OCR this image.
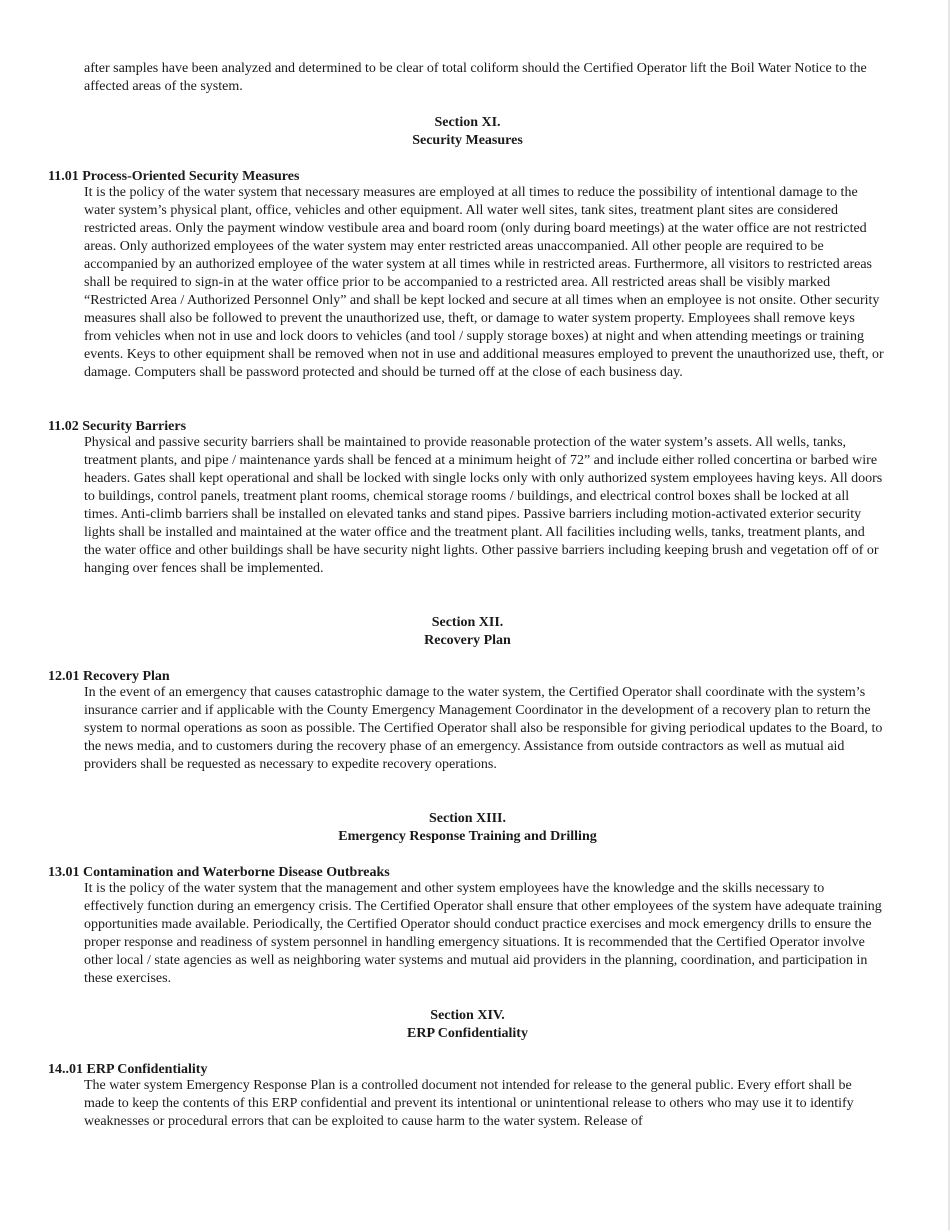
after samples have been analyzed and determined to be clear of total coliform should the Certified Operator lift the Boil Water Notice to the affected areas of the system.

Section XI.
Security Measures
11.01 Process-Oriented Security Measures

It is the policy of the water system that necessary measures are employed at all times to reduce the possibility of intentional damage to the water system’s physical plant, office, vehicles and other equipment. All water well sites, tank sites, treatment plant sites are considered restricted areas. Only the payment window vestibule area and board room (only during board meetings) at the water office are not restricted areas. Only authorized employees of the water system may enter restricted areas unaccompanied. All other people are required to be accompanied by an authorized employee of the water system at all times while in restricted areas. Furthermore, all visitors to restricted areas shall be required to sign-in at the water office prior to be accompanied to a restricted area. All restricted areas shall be visibly marked “Restricted Area / Authorized Personnel Only” and shall be kept locked and secure at all times when an employee is not onsite. Other security measures shall also be followed to prevent the unauthorized use, theft, or damage to water system property. Employees shall remove keys from vehicles when not in use and lock doors to vehicles (and tool / supply storage boxes) at night and when attending meetings or training events. Keys to other equipment shall be removed when not in use and additional measures employed to prevent the unauthorized use, theft, or damage. Computers shall be password protected and should be turned off at the close of each business day.

11.02 Security Barriers

Physical and passive security barriers shall be maintained to provide reasonable protection of the water system’s assets. All wells, tanks, treatment plants, and pipe / maintenance yards shall be fenced at a minimum height of 72” and include either rolled concertina or barbed wire headers. Gates shall kept operational and shall be locked with single locks only with only authorized system employees having keys. All doors to buildings, control panels, treatment plant rooms, chemical storage rooms / buildings, and electrical control boxes shall be locked at all times. Anti-climb barriers shall be installed on elevated tanks and stand pipes. Passive barriers including motion-activated exterior security lights shall be installed and maintained at the water office and the treatment plant. All facilities including wells, tanks, treatment plants, and the water office and other buildings shall be have security night lights. Other passive barriers including keeping brush and vegetation off of or hanging over fences shall be implemented.

Section XII.
Recovery Plan
12.01 Recovery Plan

In the event of an emergency that causes catastrophic damage to the water system, the Certified Operator shall coordinate with the system’s insurance carrier and if applicable with the County Emergency Management Coordinator in the development of a recovery plan to return the system to normal operations as soon as possible. The Certified Operator shall also be responsible for giving periodical updates to the Board, to the news media, and to customers during the recovery phase of an emergency. Assistance from outside contractors as well as mutual aid providers shall be requested as necessary to expedite recovery operations.

Section XIII.
Emergency Response Training and Drilling
13.01 Contamination and Waterborne Disease Outbreaks

It is the policy of the water system that the management and other system employees have the knowledge and the skills necessary to effectively function during an emergency crisis. The Certified Operator shall ensure that other employees of the system have adequate training opportunities made available. Periodically, the Certified Operator should conduct practice exercises and mock emergency drills to ensure the proper response and readiness of system personnel in handling emergency situations. It is recommended that the Certified Operator involve other local / state agencies as well as neighboring water systems and mutual aid providers in the planning, coordination, and participation in these exercises.

Section XIV.
ERP Confidentiality
14..01 ERP Confidentiality

The water system Emergency Response Plan is a controlled document not intended for release to the general public. Every effort shall be made to keep the contents of this ERP confidential and prevent its intentional or unintentional release to others who may use it to identify weaknesses or procedural errors that can be exploited to cause harm to the water system. Release of
